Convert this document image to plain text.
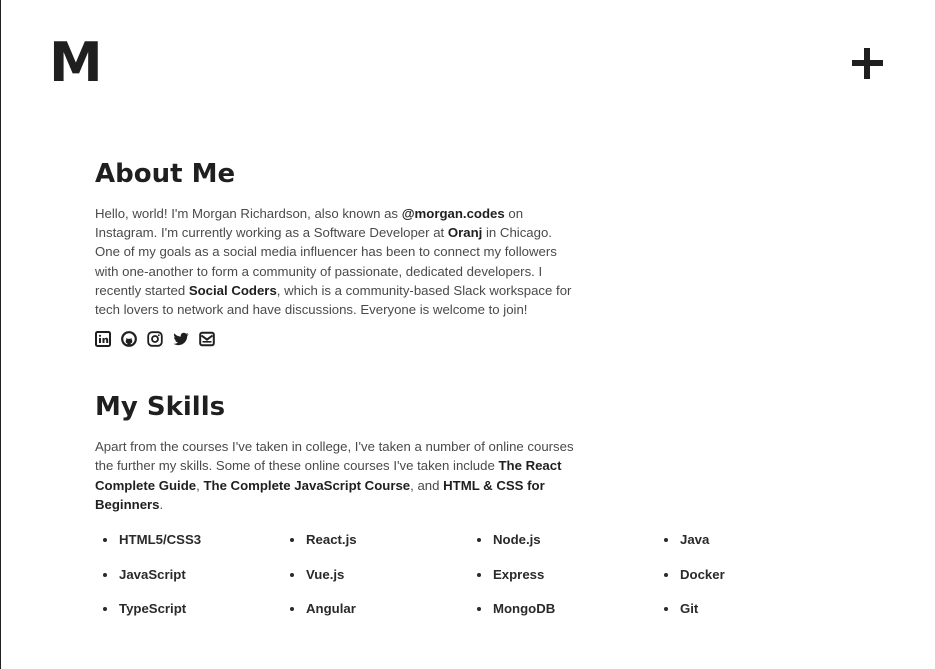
M
About Me

Hello, world! I'm Morgan Richardson, also known as @morgan.codes on Instagram. I'm currently working as a Software Developer at Oranj in Chicago. One of my goals as a social media influencer has been to connect my followers with one-another to form a community of passionate, dedicated developers. I recently started Social Coders, which is a community-based Slack workspace for tech lovers to network and have discussions. Everyone is welcome to join!

My Skills

Apart from the courses I've taken in college, I've taken a number of online courses the further my skills. Some of these online courses I've taken include The React Complete Guide, The Complete JavaScript Course, and HTML & CSS for Beginners.

HTML5/CSS3	React.js	Node.js	Java
JavaScript	Vue.js	Express	Docker
TypeScript	Angular	MongoDB	Git
